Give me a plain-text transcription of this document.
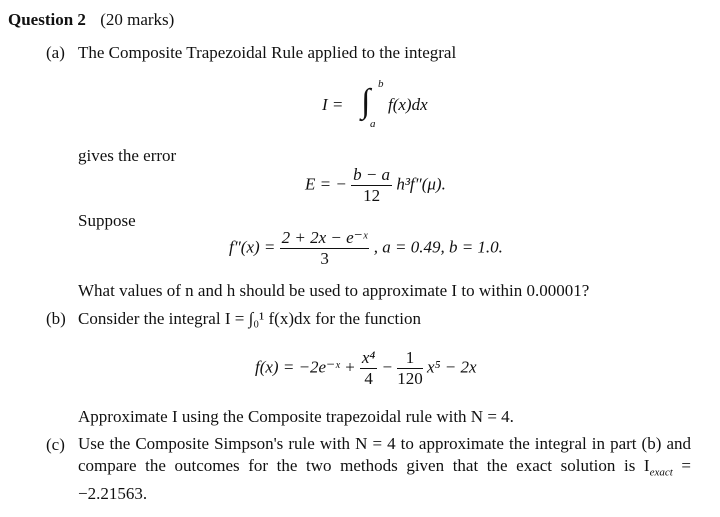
Question 2 (20 marks)
(a) The Composite Trapezoidal Rule applied to the integral
I = ∫ b
a
f(x)dx
gives the error
E = − $\frac{b - a}{12} h^3f''(\mu)$.
Suppose
$f''(x) = \frac{\text{2 + 2x − e⁻ˣ}}{3}$ , a = 0.49, b = 1.0.
What values of n and h should be used to approximate I to within 0.00001?
(b) Consider the integral I = ∫₀¹ f(x)dx for the function
f(x) = −2e⁻ˣ + $\frac{\text{x⁴}}{4} - \frac{1}{120} x^5 - 2x$
Approximate I using the Composite trapezoidal rule with N = 4.
(c) Use the Composite Simpson's rule with N = 4 to approximate the integral in part (b) and compare the outcomes for the two methods given that the exact solution is $I_{exact} = -2.21563$.
